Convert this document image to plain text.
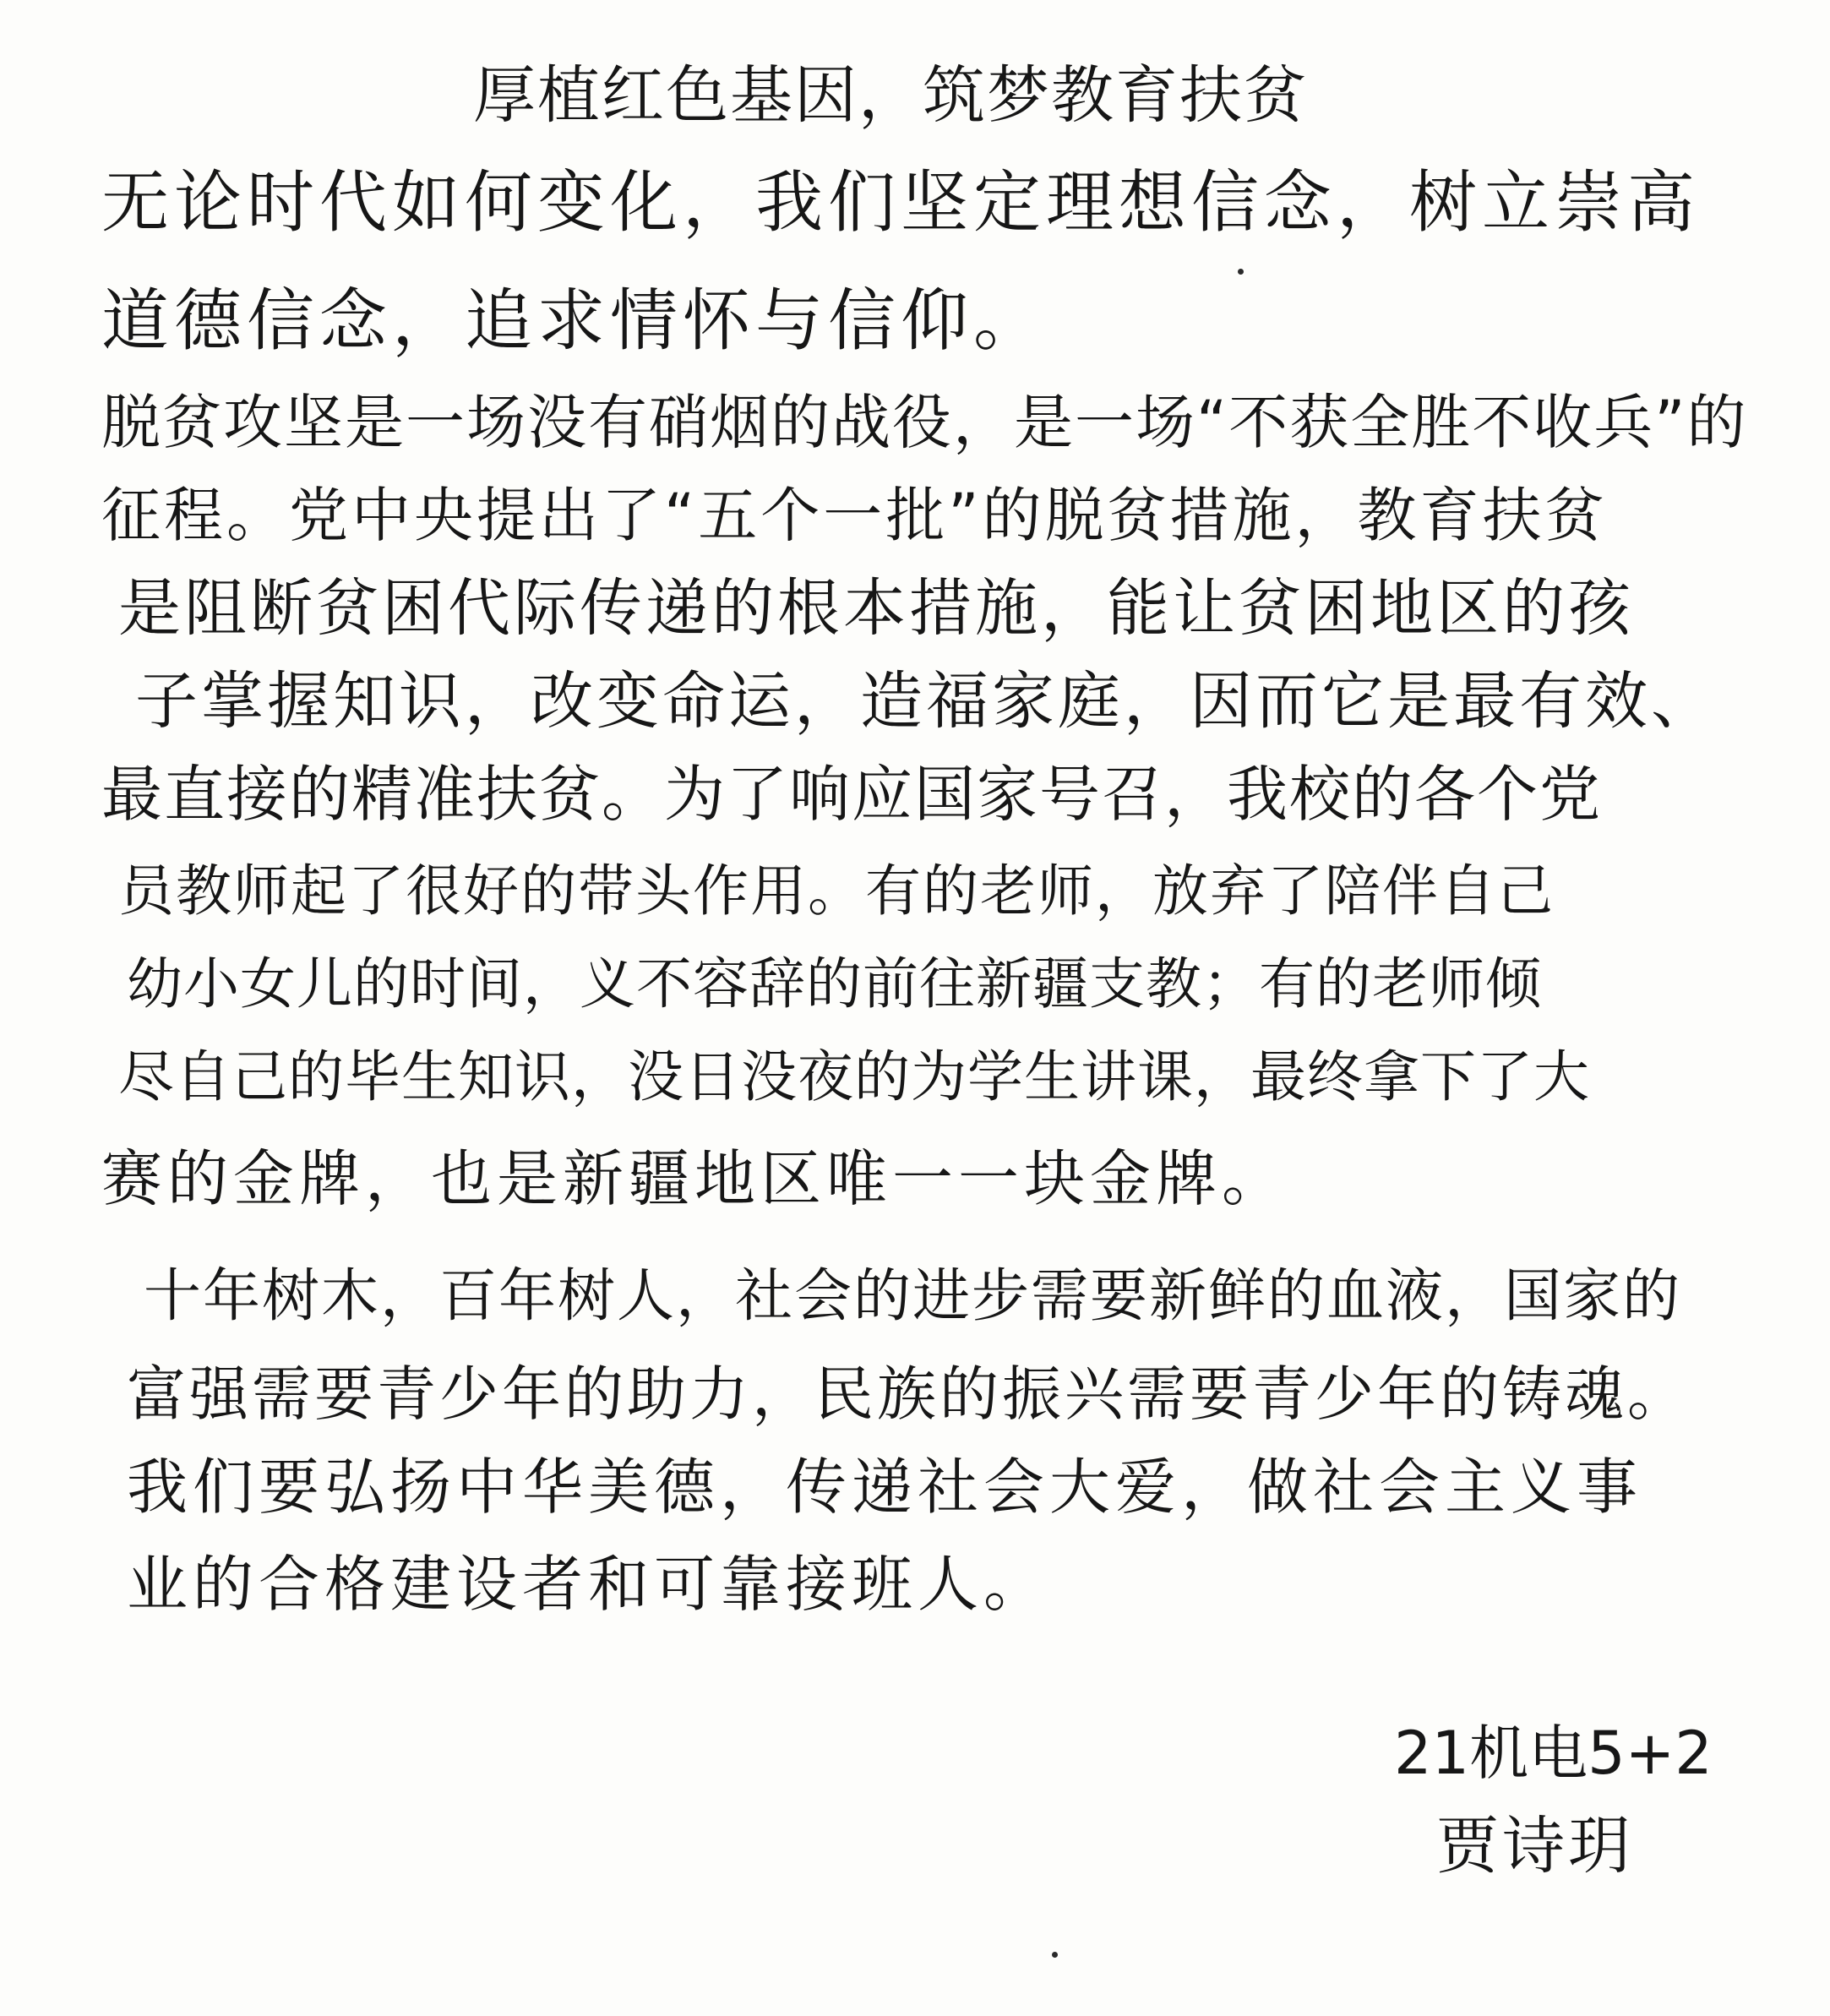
厚植红色基因，筑梦教育扶贫
无论时代如何变化，我们坚定理想信念，树立崇高
道德信念，追求情怀与信仰。
脱贫攻坚是一场没有硝烟的战役，是一场“不获全胜不收兵”的
征程。党中央提出了“五个一批”的脱贫措施，教育扶贫
是阻断贫困代际传递的根本措施，能让贫困地区的孩
子掌握知识，改变命运，造福家庭，因而它是最有效、
最直接的精准扶贫。为了响应国家号召，我校的各个党
员教师起了很好的带头作用。有的老师，放弃了陪伴自己
幼小女儿的时间，义不容辞的前往新疆支教；有的老师倾
尽自己的毕生知识，没日没夜的为学生讲课，最终拿下了大
赛的金牌，也是新疆地区唯一一块金牌。
十年树木，百年树人，社会的进步需要新鲜的血液，国家的
富强需要青少年的助力，民族的振兴需要青少年的铸魂。
我们要弘扬中华美德，传递社会大爱，做社会主义事
业的合格建设者和可靠接班人。
21机电5+2
贾诗玥
